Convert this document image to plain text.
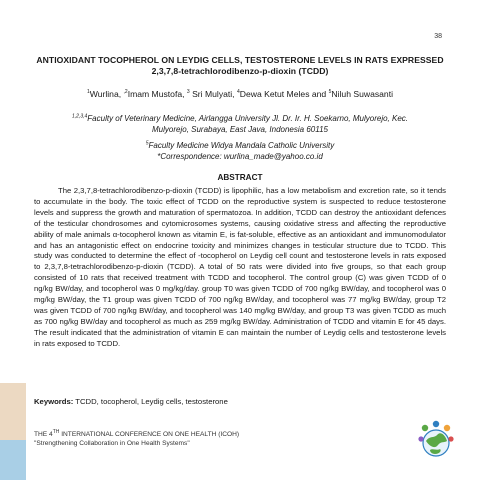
38
ANTIOXIDANT TOCOPHEROL ON LEYDIG CELLS, TESTOSTERONE LEVELS IN RATS EXPRESSED
2,3,7,8-tetrachlorodibenzo-p-dioxin (TCDD)
$^1$Wurlina, $^{,2}$Imam Mustofa, $^3$ Sri Mulyati, $^4$Dewa Ketut Meles and $^5$Niluh Suwasanti
$^{1,2,3,4}$Faculty of Veterinary Medicine, Airlangga University Jl. Dr. Ir. H. Soekarno, Mulyorejo, Kec.
Mulyorejo, Surabaya, East Java, Indonesia 60115
$^5$Faculty Medicine Widya Mandala Catholic University
*Correspondence: wurlina_made@yahoo.co.id
ABSTRACT
The 2,3,7,8-tetrachlorodibenzo-p-dioxin (TCDD) is lipophilic, has a low metabolism and excretion rate, so it tends to accumulate in the body. The toxic effect of TCDD on the reproductive system is suspected to reduce testosterone levels and suppress the growth and maturation of spermatozoa. In addition, TCDD can destroy the antioxidant defences of the testicular chondrosomes and cytomicrosomes systems, causing oxidative stress and affecting the reproductive ability of male animals α-tocopherol known as vitamin E, is fat-soluble, effective as an antioxidant and immunomodulator and has an antagonistic effect on endocrine toxicity and minimizes changes in testicular structure due to TCDD. This study was conducted to determine the effect of -tocopherol on Leydig cell count and testosterone levels in rats exposed to 2,3,7,8-tetrachlorodibenzo-p-dioxin (TCDD). A total of 50 rats were divided into five groups, so that each group consisted of 10 rats that received treatment with TCDD and tocopherol. The control group (C) was given TCDD of 0 ng/kg BW/day, and tocopherol was 0 mg/kg/day. group T0 was given TCDD of 700 ng/kg BW/day, and tocopherol was 0 mg/kg BW/day, the T1 group was given TCDD of 700 ng/kg BW/day, and tocopherol was 77 mg/kg BW/day, group T2 was given TCDD of 700 ng/kg BW/day, and tocopherol was 140 mg/kg BW/day, and group T3 was given TCDD as much as 700 ng/kg BW/day and tocopherol as much as 259 mg/kg BW/day. Administration of TCDD and vitamin E for 45 days. The result indicated that the administration of vitamin E can maintain the number of Leydig cells and testosterone levels in rats exposed to TCDD.
Keywords: TCDD, tocopherol, Leydig cells, testosterone
THE 4TH INTERNATIONAL CONFERENCE ON ONE HEALTH (ICOH)
"Strengthening Collaboration in One Health Systems"
